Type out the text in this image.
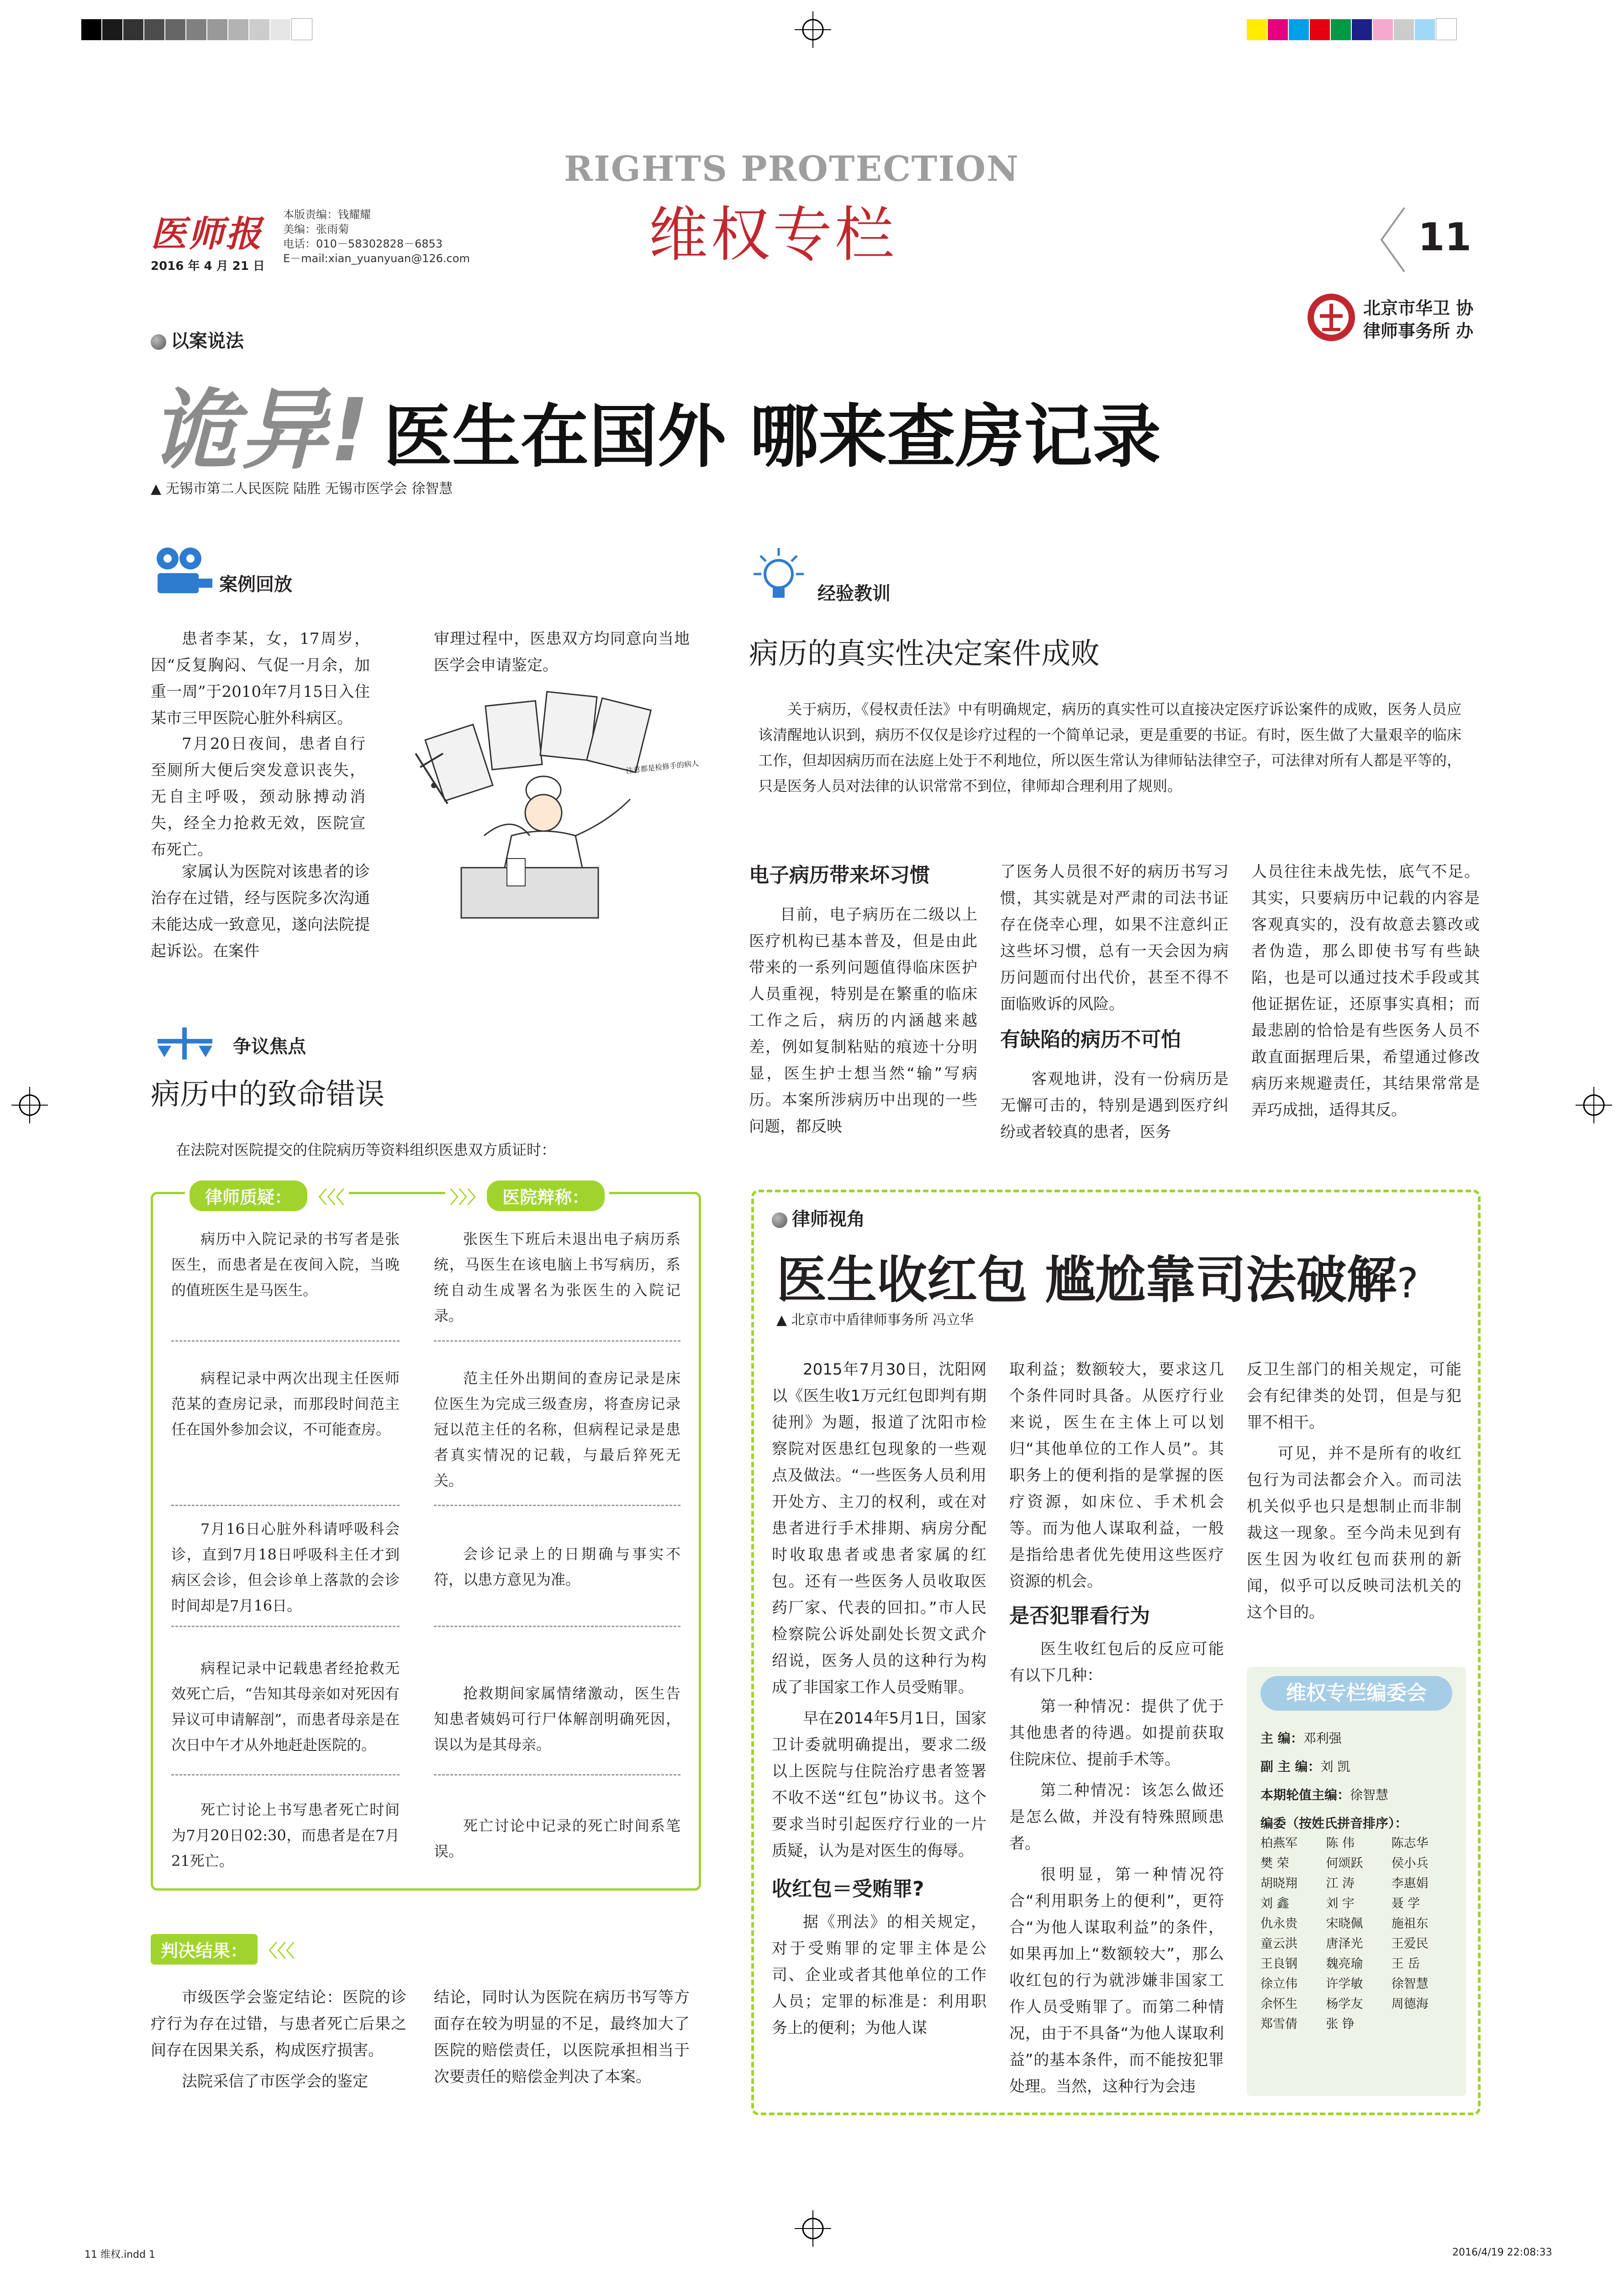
医师报
2016 年 4 月 21 日
本版责编：钱耀耀
美编：张雨菊
电话：010－58302828－6853
E－mail:xian_yuanyuan@126.com
RIGHTS PROTECTION
维权专栏	11
北京市华卫 协
律师事务所 办
以案说法
诡异! 医生在国外 哪来查房记录
▲ 无锡市第二人民医院 陆胜 无锡市医学会 徐智慧
案例回放

患者李某，女，17周岁，因“反复胸闷、气促一月余，加重一周”于2010年7月15日入住某市三甲医院心脏外科病区。

7月20日夜间，患者自行至厕所大便后突发意识丧失，无自主呼吸，颈动脉搏动消失，经全力抢救无效，医院宣布死亡。

家属认为医院对该患者的诊治存在过错，经与医院多次沟通未能达成一致意见，遂向法院提起诉讼。在案件

审理过程中，医患双方均同意向当地医学会申请鉴定。

注意都是检修手的病人
争议焦点
病历中的致命错误
在法院对医院提交的住院病历等资料组织医患双方质证时：
律师质疑： 〈〈〈	〉〉〉 医院辩称：
病历中入院记录的书写者是张医生，而患者是在夜间入院，当晚的值班医生是马医生。
张医生下班后未退出电子病历系统，马医生在该电脑上书写病历，系统自动生成署名为张医生的入院记录。
病程记录中两次出现主任医师范某的查房记录，而那段时间范主任在国外参加会议，不可能查房。
范主任外出期间的查房记录是床位医生为完成三级查房，将查房记录冠以范主任的名称，但病程记录是患者真实情况的记载，与最后猝死无关。
7月16日心脏外科请呼吸科会诊，直到7月18日呼吸科主任才到病区会诊，但会诊单上落款的会诊时间却是7月16日。
会诊记录上的日期确与事实不符，以患方意见为准。
病程记录中记载患者经抢救无效死亡后，“告知其母亲如对死因有异议可申请解剖”，而患者母亲是在次日中午才从外地赶赴医院的。
抢救期间家属情绪激动，医生告知患者姨妈可行尸体解剖明确死因，误以为是其母亲。
死亡讨论上书写患者死亡时间为7月20日02:30，而患者是在7月21死亡。
死亡讨论中记录的死亡时间系笔误。
判决结果： 〈〈〈

市级医学会鉴定结论：医院的诊疗行为存在过错，与患者死亡后果之间存在因果关系，构成医疗损害。

法院采信了市医学会的鉴定

结论，同时认为医院在病历书写等方面存在较为明显的不足，最终加大了医院的赔偿责任，以医院承担相当于次要责任的赔偿金判决了本案。

经验教训
病历的真实性决定案件成败

关于病历，《侵权责任法》中有明确规定，病历的真实性可以直接决定医疗诉讼案件的成败，医务人员应该清醒地认识到，病历不仅仅是诊疗过程的一个简单记录，更是重要的书证。有时，医生做了大量艰辛的临床工作，但却因病历而在法庭上处于不利地位，所以医生常认为律师钻法律空子，可法律对所有人都是平等的，只是医务人员对法律的认识常常不到位，律师却合理利用了规则。

电子病历带来坏习惯

目前，电子病历在二级以上医疗机构已基本普及，但是由此带来的一系列问题值得临床医护人员重视，特别是在繁重的临床工作之后，病历的内涵越来越差，例如复制粘贴的痕迹十分明显，医生护士想当然“输”写病历。本案所涉病历中出现的一些问题，都反映

了医务人员很不好的病历书写习惯，其实就是对严肃的司法书证存在侥幸心理，如果不注意纠正这些坏习惯，总有一天会因为病历问题而付出代价，甚至不得不面临败诉的风险。

有缺陷的病历不可怕

客观地讲，没有一份病历是无懈可击的，特别是遇到医疗纠纷或者较真的患者，医务

人员往往未战先怯，底气不足。其实，只要病历中记载的内容是客观真实的，没有故意去篡改或者伪造，那么即使书写有些缺陷，也是可以通过技术手段或其他证据佐证，还原事实真相；而最悲剧的恰恰是有些医务人员不敢直面据理后果，希望通过修改病历来规避责任，其结果常常是弄巧成拙，适得其反。

律师视角
医生收红包 尴尬靠司法破解?
▲ 北京市中盾律师事务所 冯立华

2015年7月30日，沈阳网以《医生收1万元红包即判有期徒刑》为题，报道了沈阳市检察院对医患红包现象的一些观点及做法。“一些医务人员利用开处方、主刀的权利，或在对患者进行手术排期、病房分配时收取患者或患者家属的红包。还有一些医务人员收取医药厂家、代表的回扣。”市人民检察院公诉处副处长贺文武介绍说，医务人员的这种行为构成了非国家工作人员受贿罪。

早在2014年5月1日，国家卫计委就明确提出，要求二级以上医院与住院治疗患者签署不收不送“红包”协议书。这个要求当时引起医疗行业的一片质疑，认为是对医生的侮辱。

收红包＝受贿罪?

据《刑法》的相关规定，对于受贿罪的定罪主体是公司、企业或者其他单位的工作人员；定罪的标准是：利用职务上的便利；为他人谋

取利益；数额较大，要求这几个条件同时具备。从医疗行业来说，医生在主体上可以划归“其他单位的工作人员”。其职务上的便利指的是掌握的医疗资源，如床位、手术机会等。而为他人谋取利益，一般是指给患者优先使用这些医疗资源的机会。

是否犯罪看行为

医生收红包后的反应可能有以下几种：

第一种情况：提供了优于其他患者的待遇。如提前获取住院床位、提前手术等。

第二种情况：该怎么做还是怎么做，并没有特殊照顾患者。

很明显，第一种情况符合“利用职务上的便利”，更符合“为他人谋取利益”的条件，如果再加上“数额较大”，那么收红包的行为就涉嫌非国家工作人员受贿罪了。而第二种情况，由于不具备“为他人谋取利益”的基本条件，而不能按犯罪处理。当然，这种行为会违

反卫生部门的相关规定，可能会有纪律类的处罚，但是与犯罪不相干。

可见，并不是所有的收红包行为司法都会介入。而司法机关似乎也只是想制止而非制裁这一现象。至今尚未见到有医生因为收红包而获刑的新闻，似乎可以反映司法机关的这个目的。

维权专栏编委会
主 编：邓利强
副 主 编：刘 凯
本期轮值主编：徐智慧
编委（按姓氏拼音排序）：
柏燕军	陈 伟	陈志华
樊 荣	何颂跃	侯小兵
胡晓翔	江 涛	李惠娟
刘 鑫	刘 宇	聂 学
仇永贵	宋晓佩	施祖东
童云洪	唐泽光	王爱民
王良钢	魏亮瑜	王 岳
徐立伟	许学敏	徐智慧
余怀生	杨学友	周德海
郑雪倩	张 铮
11 维权.indd 1	2016/4/19 22:08:33
